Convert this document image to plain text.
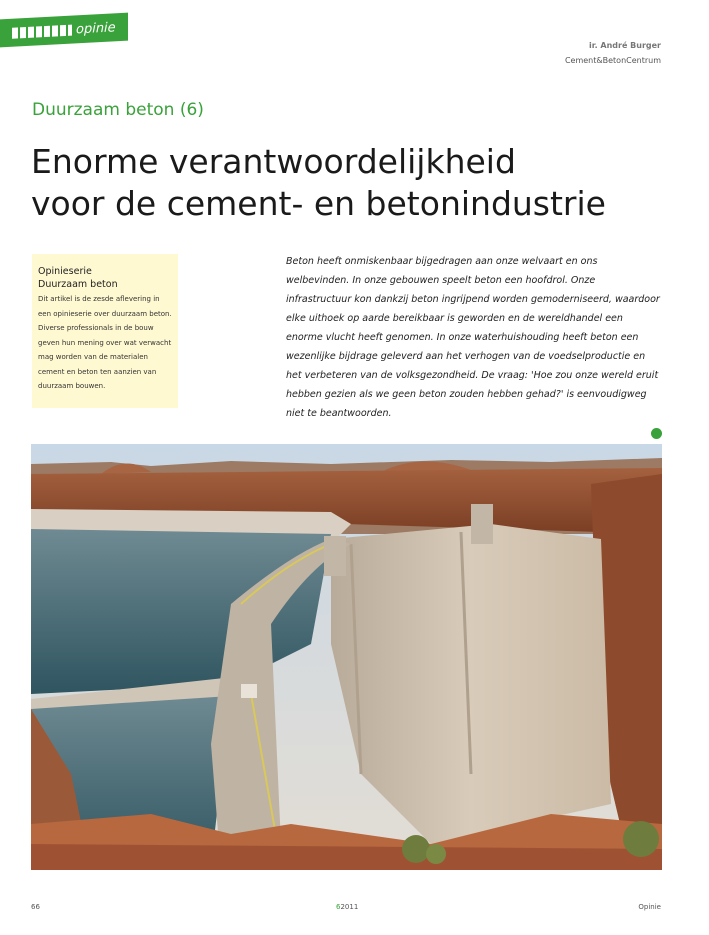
opinie
ir. André Burger
Cement&BetonCentrum
Duurzaam beton (6)
Enorme verantwoordelijkheid
voor de cement- en betonindustrie
Opinieserie
Duurzaam beton
Dit artikel is de zesde aflevering in een opinieserie over duurzaam beton. Diverse professionals in de bouw geven hun mening over wat verwacht mag worden van de materialen cement en beton ten aanzien van duurzaam bouwen.
Beton heeft onmiskenbaar bijgedragen aan onze welvaart en ons welbevinden. In onze gebouwen speelt beton een hoofdrol. Onze infrastructuur kon dankzij beton ingrijpend worden gemoderniseerd, waardoor elke uithoek op aarde bereikbaar is geworden en de wereldhandel een enorme vlucht heeft genomen. In onze waterhuishouding heeft beton een wezenlijke bijdrage geleverd aan het verhogen van de voedselproductie en het verbeteren van de volksgezondheid. De vraag: 'Hoe zou onze wereld eruit hebben gezien als we geen beton zouden hebben gehad?' is eenvoudigweg niet te beantwoorden.
66	62011	Opinie
